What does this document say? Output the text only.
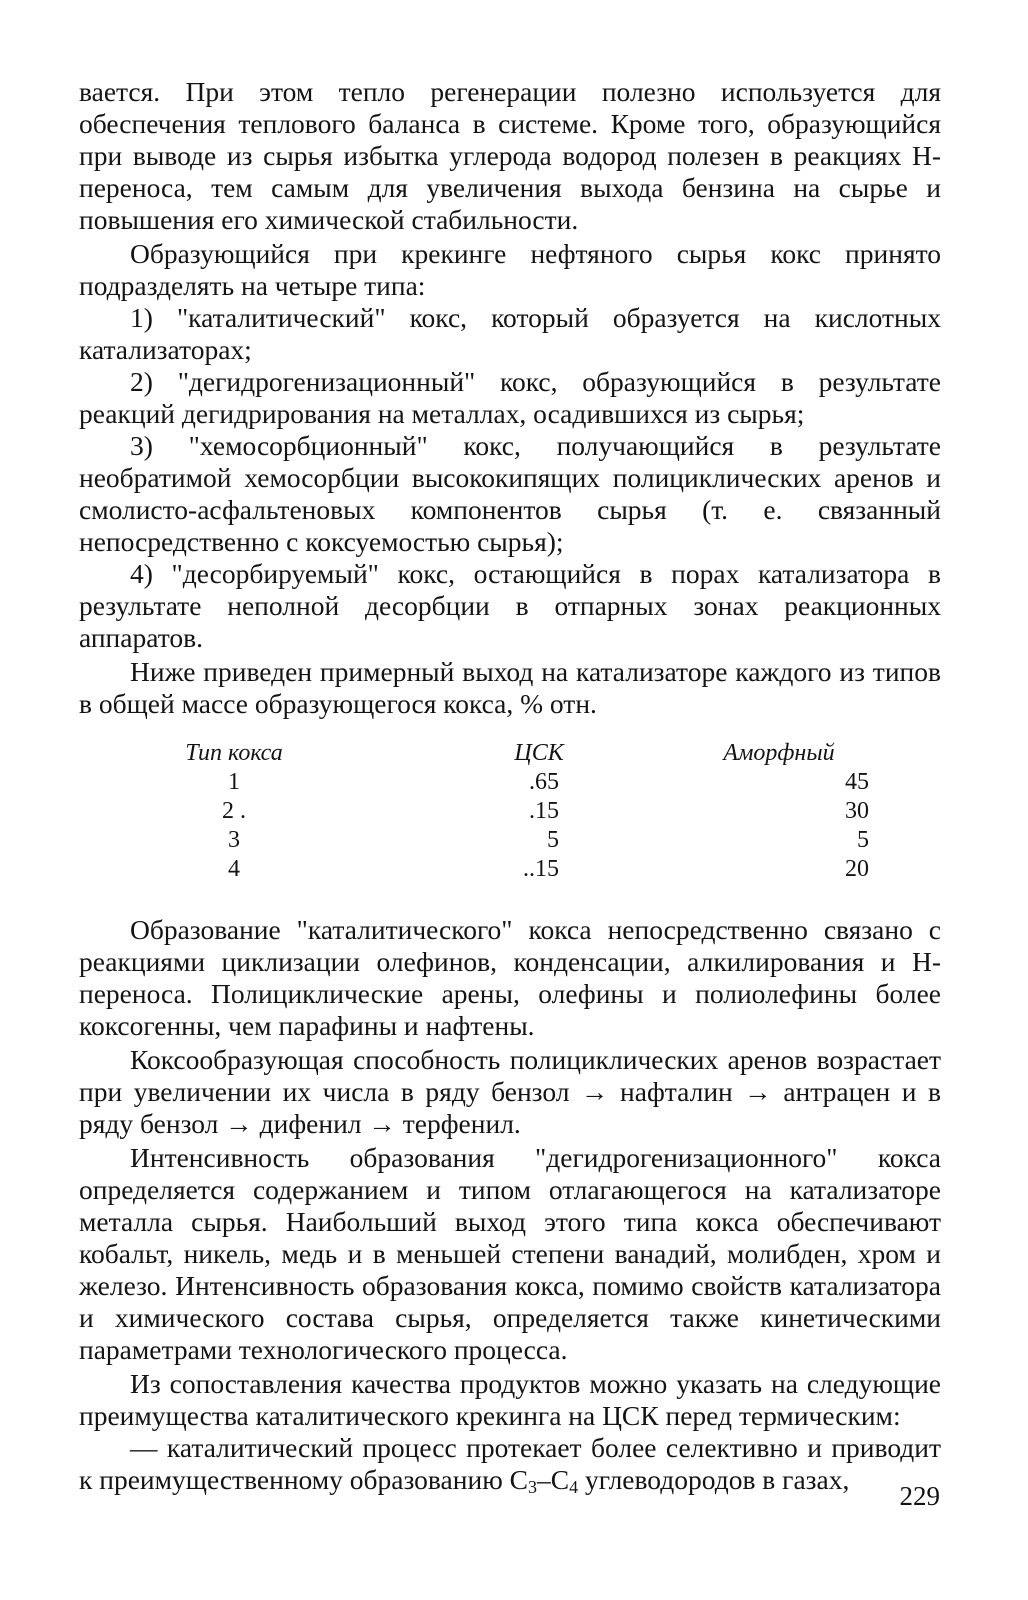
вается. При этом тепло регенерации полезно используется для обеспечения теплового баланса в системе. Кроме того, образующийся при выводе из сырья избытка углерода водород полезен в реакциях Н-переноса, тем самым для увеличения выхода бензина на сырье и повышения его химической стабильности.

Образующийся при крекинге нефтяного сырья кокс принято подразделять на четыре типа:

1) "каталитический" кокс, который образуется на кислотных катализаторах;

2) "дегидрогенизационный" кокс, образующийся в результате реакций дегидрирования на металлах, осадившихся из сырья;

3) "хемосорбционный" кокс, получающийся в результате необратимой хемосорбции высококипящих полициклических аренов и смолисто-асфальтеновых компонентов сырья (т. е. связанный непосредственно с коксуемостью сырья);

4) "десорбируемый" кокс, остающийся в порах катализатора в результате неполной десорбции в отпарных зонах реакционных аппаратов.

Ниже приведен примерный выход на катализаторе каждого из типов в общей массе образующегося кокса, % отн.

Тип кокса	ЦСК	Аморфный
1	.65	45
2 .	.15	30
3	5	5
4	..15	20

Образование "каталитического" кокса непосредственно связано с реакциями циклизации олефинов, конденсации, алкилирования и Н-переноса. Полициклические арены, олефины и полиолефины более коксогенны, чем парафины и нафтены.

Коксообразующая способность полициклических аренов возрастает при увеличении их числа в ряду бензол → нафталин → антрацен и в ряду бензол → дифенил → терфенил.

Интенсивность образования "дегидрогенизационного" кокса определяется содержанием и типом отлагающегося на катализаторе металла сырья. Наибольший выход этого типа кокса обеспечивают кобальт, никель, медь и в меньшей степени ванадий, молибден, хром и железо. Интенсивность образования кокса, помимо свойств катализатора и химического состава сырья, определяется также кинетическими параметрами технологического процесса.

Из сопоставления качества продуктов можно указать на следующие преимущества каталитического крекинга на ЦСК перед термическим:

— каталитический процесс протекает более селективно и приводит к преимущественному образованию $C_3-C_4$ углеводородов в газах,

229
